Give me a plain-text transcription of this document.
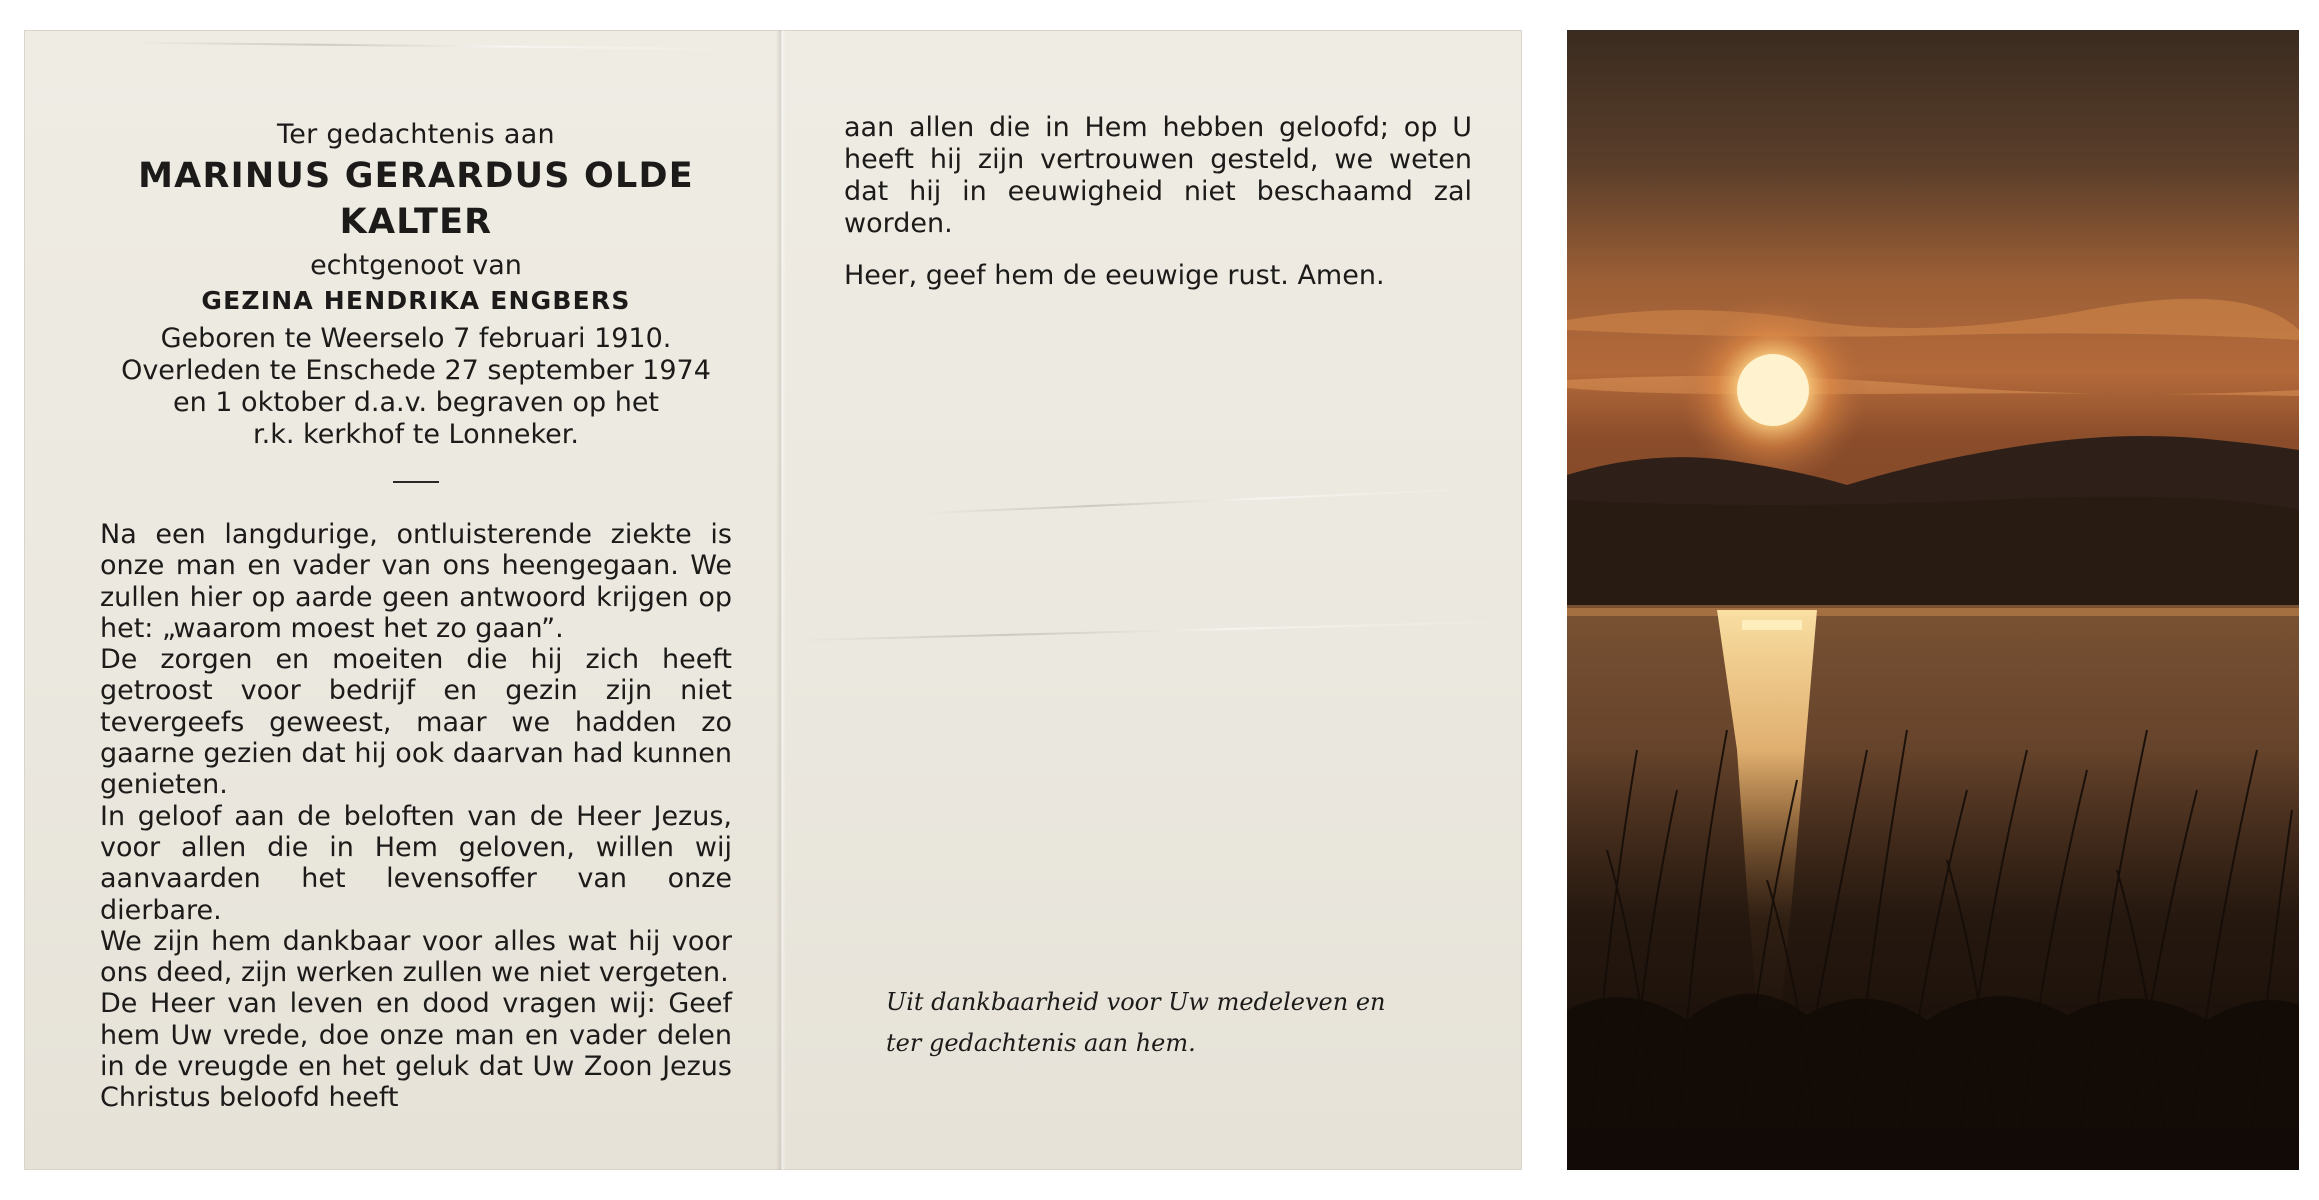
Ter gedachtenis aan
MARINUS GERARDUS OLDE KALTER
echtgenoot van
GEZINA HENDRIKA ENGBERS
Geboren te Weerselo 7 februari 1910.
Overleden te Enschede 27 september 1974
en 1 oktober d.a.v. begraven op het
r.k. kerkhof te Lonneker.
Na een langdurige, ontluisterende ziekte is onze man en vader van ons heengegaan. We zullen hier op aarde geen antwoord krijgen op het: „waarom moest het zo gaan”.
De zorgen en moeiten die hij zich heeft getroost voor bedrijf en gezin zijn niet tevergeefs geweest, maar we hadden zo gaarne gezien dat hij ook daarvan had kunnen genieten.
In geloof aan de beloften van de Heer Jezus, voor allen die in Hem geloven, willen wij aanvaarden het levensoffer van onze dierbare.
We zijn hem dankbaar voor alles wat hij voor ons deed, zijn werken zullen we niet vergeten.
De Heer van leven en dood vragen wij: Geef hem Uw vrede, doe onze man en vader delen in de vreugde en het geluk dat Uw Zoon Jezus Christus beloofd heeft
aan allen die in Hem hebben geloofd; op U heeft hij zijn vertrouwen gesteld, we weten dat hij in eeuwigheid niet beschaamd zal worden.
Heer, geef hem de eeuwige rust. Amen.
Uit dankbaarheid voor Uw medeleven en ter gedachtenis aan hem.
